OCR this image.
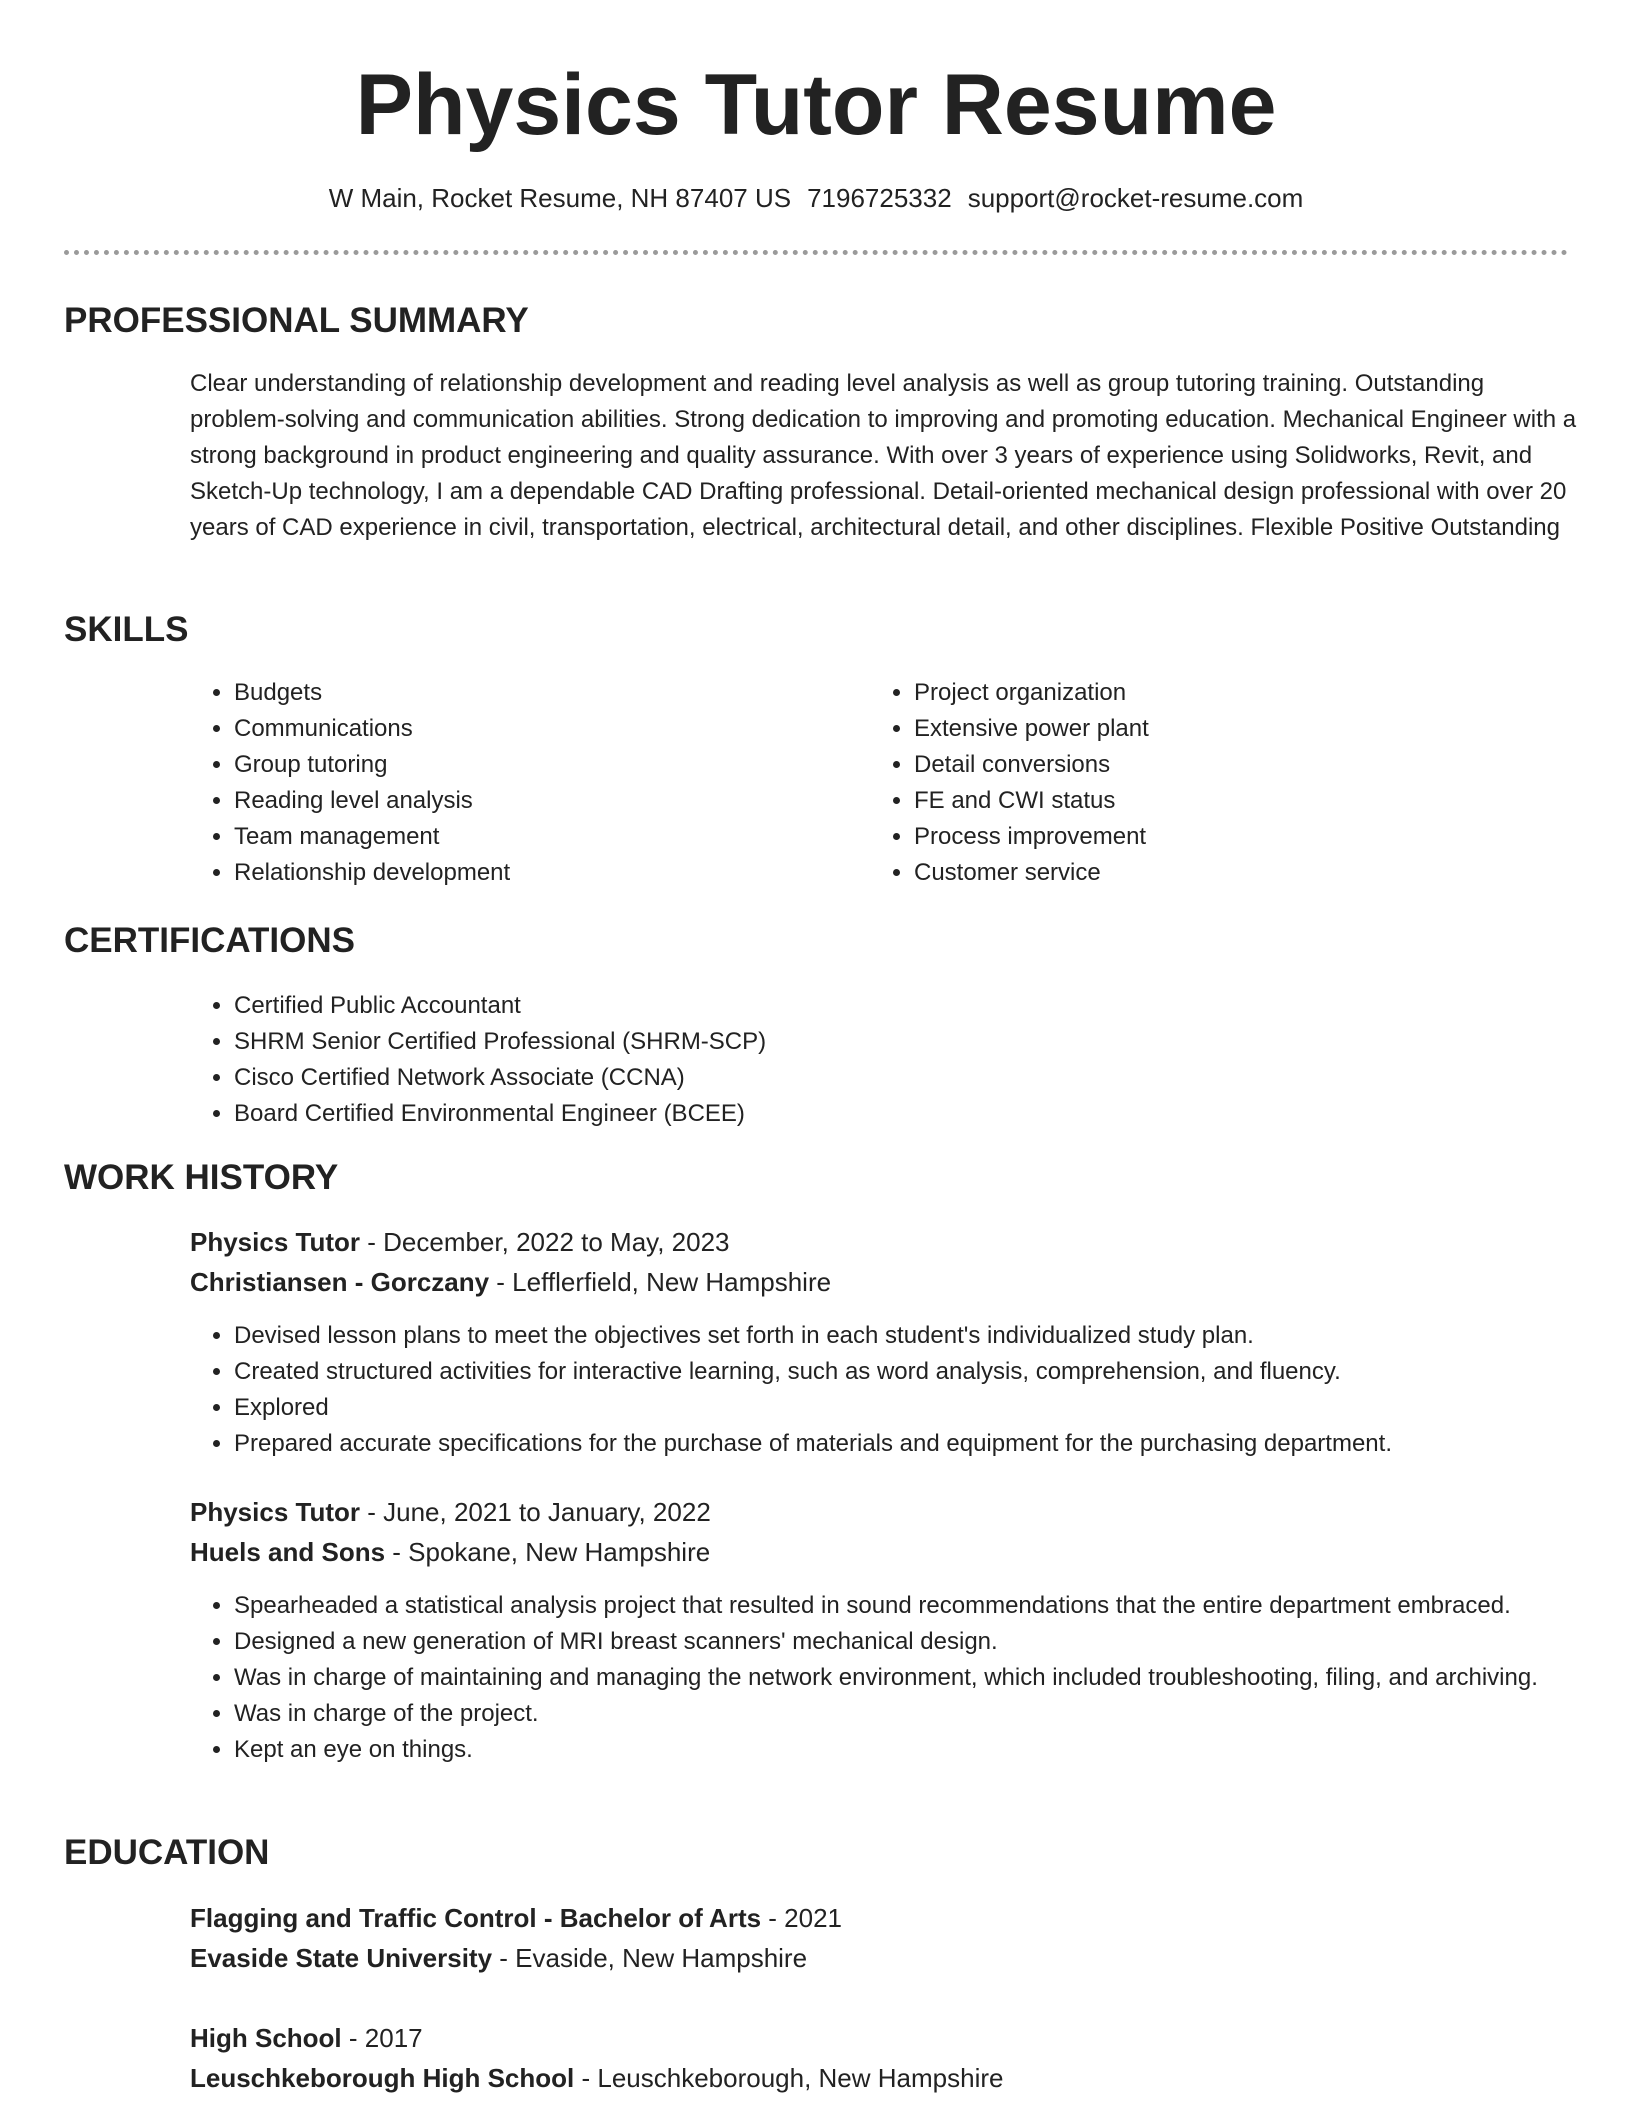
Physics Tutor Resume
W Main, Rocket Resume, NH 87407 US 7196725332 support@rocket-resume.com
PROFESSIONAL SUMMARY

Clear understanding of relationship development and reading level analysis as well as group tutoring training. Outstanding problem-solving and communication abilities. Strong dedication to improving and promoting education. Mechanical Engineer with a strong background in product engineering and quality assurance. With over 3 years of experience using Solidworks, Revit, and Sketch-Up technology, I am a dependable CAD Drafting professional. Detail-oriented mechanical design professional with over 20 years of CAD experience in civil, transportation, electrical, architectural detail, and other disciplines. Flexible Positive Outstanding

SKILLS
• Budgets
• Communications
• Group tutoring
• Reading level analysis
• Team management
• Relationship development
• Project organization
• Extensive power plant
• Detail conversions
• FE and CWI status
• Process improvement
• Customer service
CERTIFICATIONS
• Certified Public Accountant
• SHRM Senior Certified Professional (SHRM-SCP)
• Cisco Certified Network Associate (CCNA)
• Board Certified Environmental Engineer (BCEE)
WORK HISTORY
Physics Tutor - December, 2022 to May, 2023
Christiansen - Gorczany - Lefflerfield, New Hampshire
• Devised lesson plans to meet the objectives set forth in each student's individualized study plan.
• Created structured activities for interactive learning, such as word analysis, comprehension, and fluency.
• Explored
• Prepared accurate specifications for the purchase of materials and equipment for the purchasing department.
Physics Tutor - June, 2021 to January, 2022
Huels and Sons - Spokane, New Hampshire
• Spearheaded a statistical analysis project that resulted in sound recommendations that the entire department embraced.
• Designed a new generation of MRI breast scanners' mechanical design.
• Was in charge of maintaining and managing the network environment, which included troubleshooting, filing, and archiving.
• Was in charge of the project.
• Kept an eye on things.
EDUCATION
Flagging and Traffic Control - Bachelor of Arts - 2021
Evaside State University - Evaside, New Hampshire
High School - 2017
Leuschkeborough High School - Leuschkeborough, New Hampshire
